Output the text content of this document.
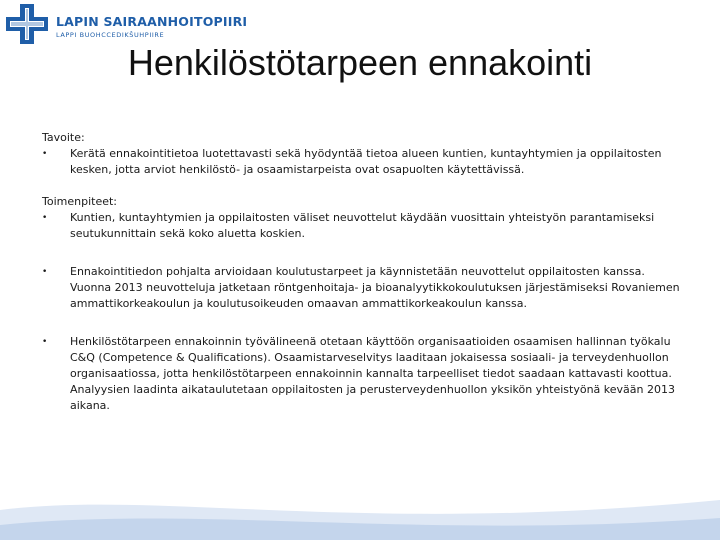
LAPIN SAIRAANHOITOPIIRI
LAPPI BUOHCCEDIKŠUHPIIRE
Henkilöstötarpeen ennakointi

Tavoite:

• Kerätä ennakointitietoa luotettavasti sekä hyödyntää tietoa alueen kuntien, kuntayhtymien ja oppilaitosten kesken, jotta arviot henkilöstö- ja osaamistarpeista ovat osapuolten käytettävissä.

Toimenpiteet:

• Kuntien, kuntayhtymien ja oppilaitosten väliset neuvottelut käydään vuosittain yhteistyön parantamiseksi seutukunnittain sekä koko aluetta koskien.

• Ennakointitiedon pohjalta arvioidaan koulutustarpeet ja käynnistetään neuvottelut oppilaitosten kanssa. Vuonna 2013 neuvotteluja jatketaan röntgenhoitaja- ja bioanalyytikkokoulutuksen järjestämiseksi Rovaniemen ammattikorkeakoulun ja koulutusoikeuden omaavan ammattikorkeakoulun kanssa.

• Henkilöstötarpeen ennakoinnin työvälineenä otetaan käyttöön organisaatioiden osaamisen hallinnan työkalu C&Q (Competence & Qualifications). Osaamistarveselvitys laaditaan jokaisessa sosiaali- ja terveydenhuollon organisaatiossa, jotta henkilöstötarpeen ennakoinnin kannalta tarpeelliset tiedot saadaan kattavasti koottua. Analyysien laadinta aikataulutetaan oppilaitosten ja perusterveydenhuollon yksikön yhteistyönä kevään 2013 aikana.
